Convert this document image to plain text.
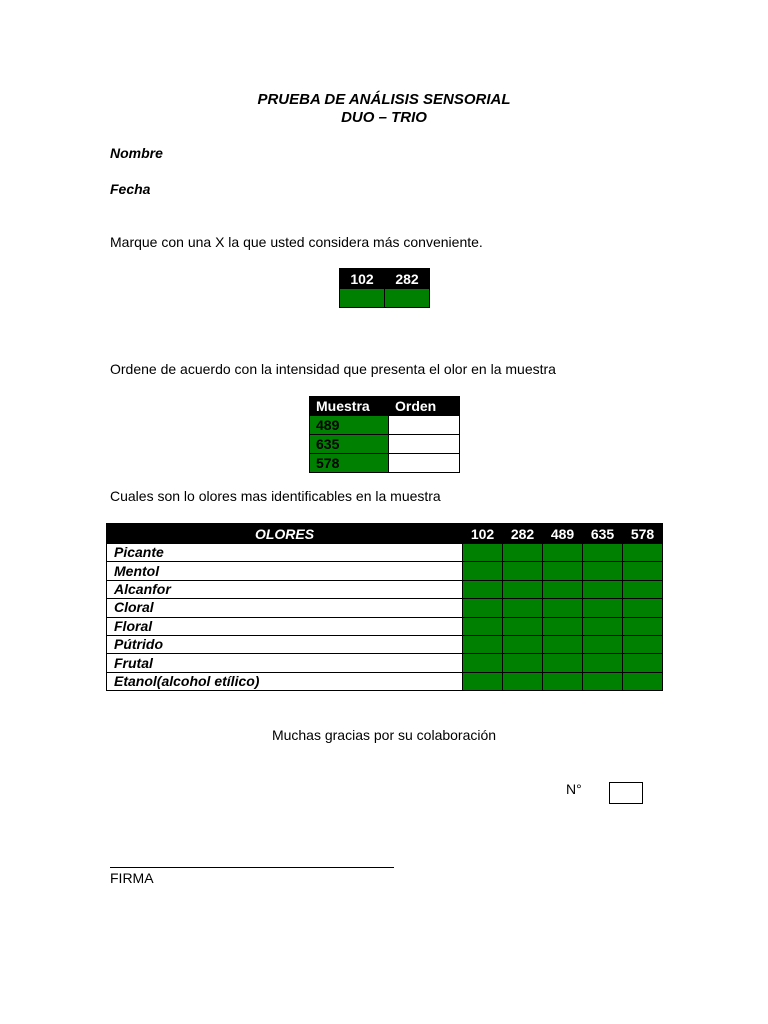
PRUEBA DE ANÁLISIS SENSORIAL
DUO – TRIO
Nombre
Fecha
Marque con una X la que usted considera más conveniente.
102	282

Ordene de acuerdo con la intensidad que presenta el olor en la muestra
Muestra	Orden
489	
635	
578	
Cuales son lo olores mas identificables en la muestra
OLORES	102	282	489	635	578
Picante					
Mentol					
Alcanfor					
Cloral					
Floral					
Pútrido					
Frutal					
Etanol(alcohol etílico)					
Muchas gracias por su colaboración
N°
FIRMA
